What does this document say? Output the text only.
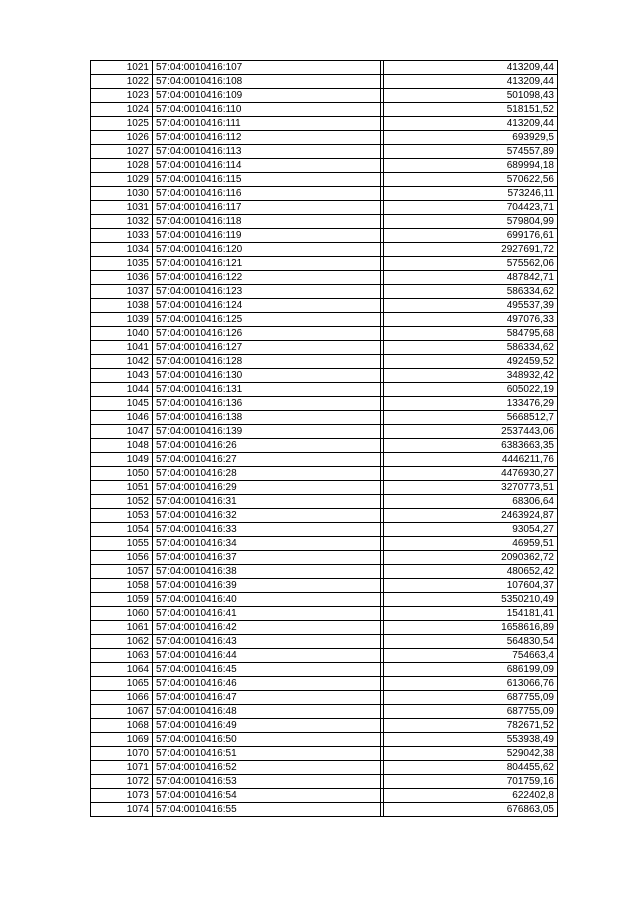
1021	57:04:0010416:107		413209,44
1022	57:04:0010416:108		413209,44
1023	57:04:0010416:109		501098,43
1024	57:04:0010416:110		518151,52
1025	57:04:0010416:111		413209,44
1026	57:04:0010416:112		693929,5
1027	57:04:0010416:113		574557,89
1028	57:04:0010416:114		689994,18
1029	57:04:0010416:115		570622,56
1030	57:04:0010416:116		573246,11
1031	57:04:0010416:117		704423,71
1032	57:04:0010416:118		579804,99
1033	57:04:0010416:119		699176,61
1034	57:04:0010416:120		2927691,72
1035	57:04:0010416:121		575562,06
1036	57:04:0010416:122		487842,71
1037	57:04:0010416:123		586334,62
1038	57:04:0010416:124		495537,39
1039	57:04:0010416:125		497076,33
1040	57:04:0010416:126		584795,68
1041	57:04:0010416:127		586334,62
1042	57:04:0010416:128		492459,52
1043	57:04:0010416:130		348932,42
1044	57:04:0010416:131		605022,19
1045	57:04:0010416:136		133476,29
1046	57:04:0010416:138		5668512,7
1047	57:04:0010416:139		2537443,06
1048	57:04:0010416:26		6383663,35
1049	57:04:0010416:27		4446211,76
1050	57:04:0010416:28		4476930,27
1051	57:04:0010416:29		3270773,51
1052	57:04:0010416:31		68306,64
1053	57:04:0010416:32		2463924,87
1054	57:04:0010416:33		93054,27
1055	57:04:0010416:34		46959,51
1056	57:04:0010416:37		2090362,72
1057	57:04:0010416:38		480652,42
1058	57:04:0010416:39		107604,37
1059	57:04:0010416:40		5350210,49
1060	57:04:0010416:41		154181,41
1061	57:04:0010416:42		1658616,89
1062	57:04:0010416:43		564830,54
1063	57:04:0010416:44		754663,4
1064	57:04:0010416:45		686199,09
1065	57:04:0010416:46		613066,76
1066	57:04:0010416:47		687755,09
1067	57:04:0010416:48		687755,09
1068	57:04:0010416:49		782671,52
1069	57:04:0010416:50		553938,49
1070	57:04:0010416:51		529042,38
1071	57:04:0010416:52		804455,62
1072	57:04:0010416:53		701759,16
1073	57:04:0010416:54		622402,8
1074	57:04:0010416:55		676863,05
